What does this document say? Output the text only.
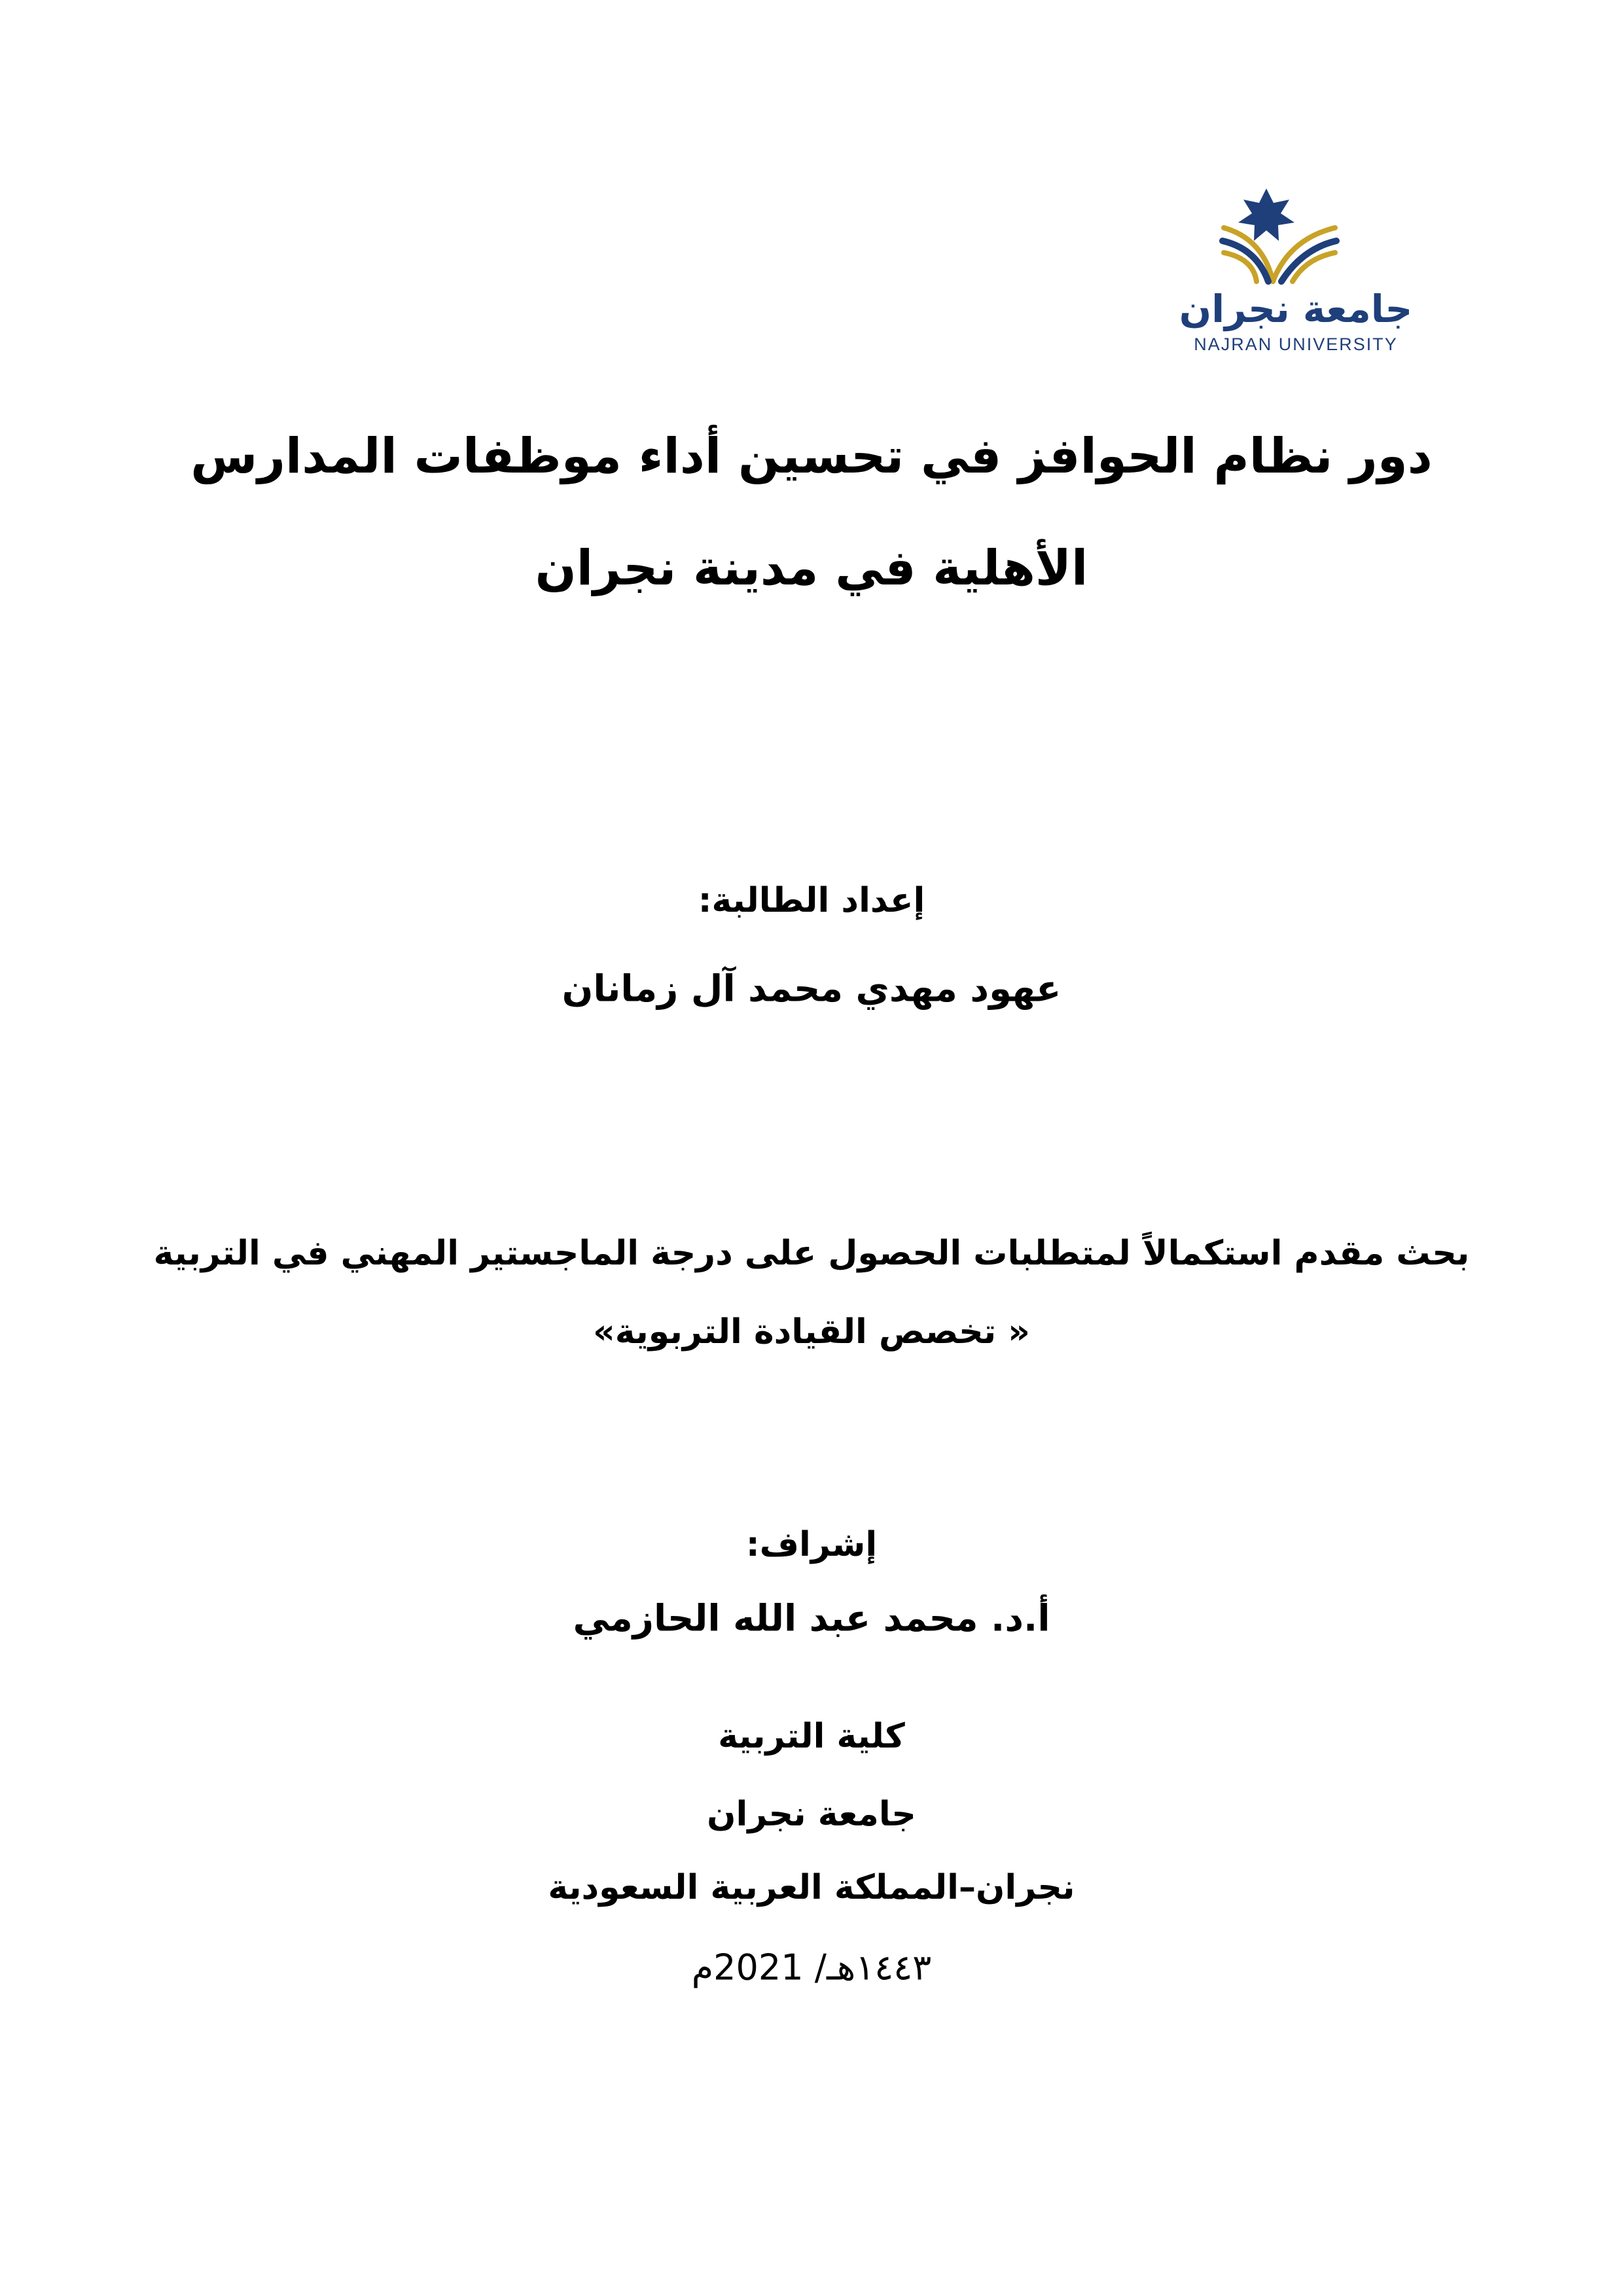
جامعة نجران
NAJRAN UNIVERSITY
دور نظام الحوافز في تحسين أداء موظفات المدارس
الأهلية في مدينة نجران
إعداد الطالبة:
عهود مهدي محمد آل زمانان
بحث مقدم استكمالاً لمتطلبات الحصول على درجة الماجستير المهني في التربية
« تخصص القيادة التربوية»
إشراف:
أ.د. محمد عبد الله الحازمي
كلية التربية
جامعة نجران
نجران–المملكة العربية السعودية
١٤٤٣هـ/ 2021م
